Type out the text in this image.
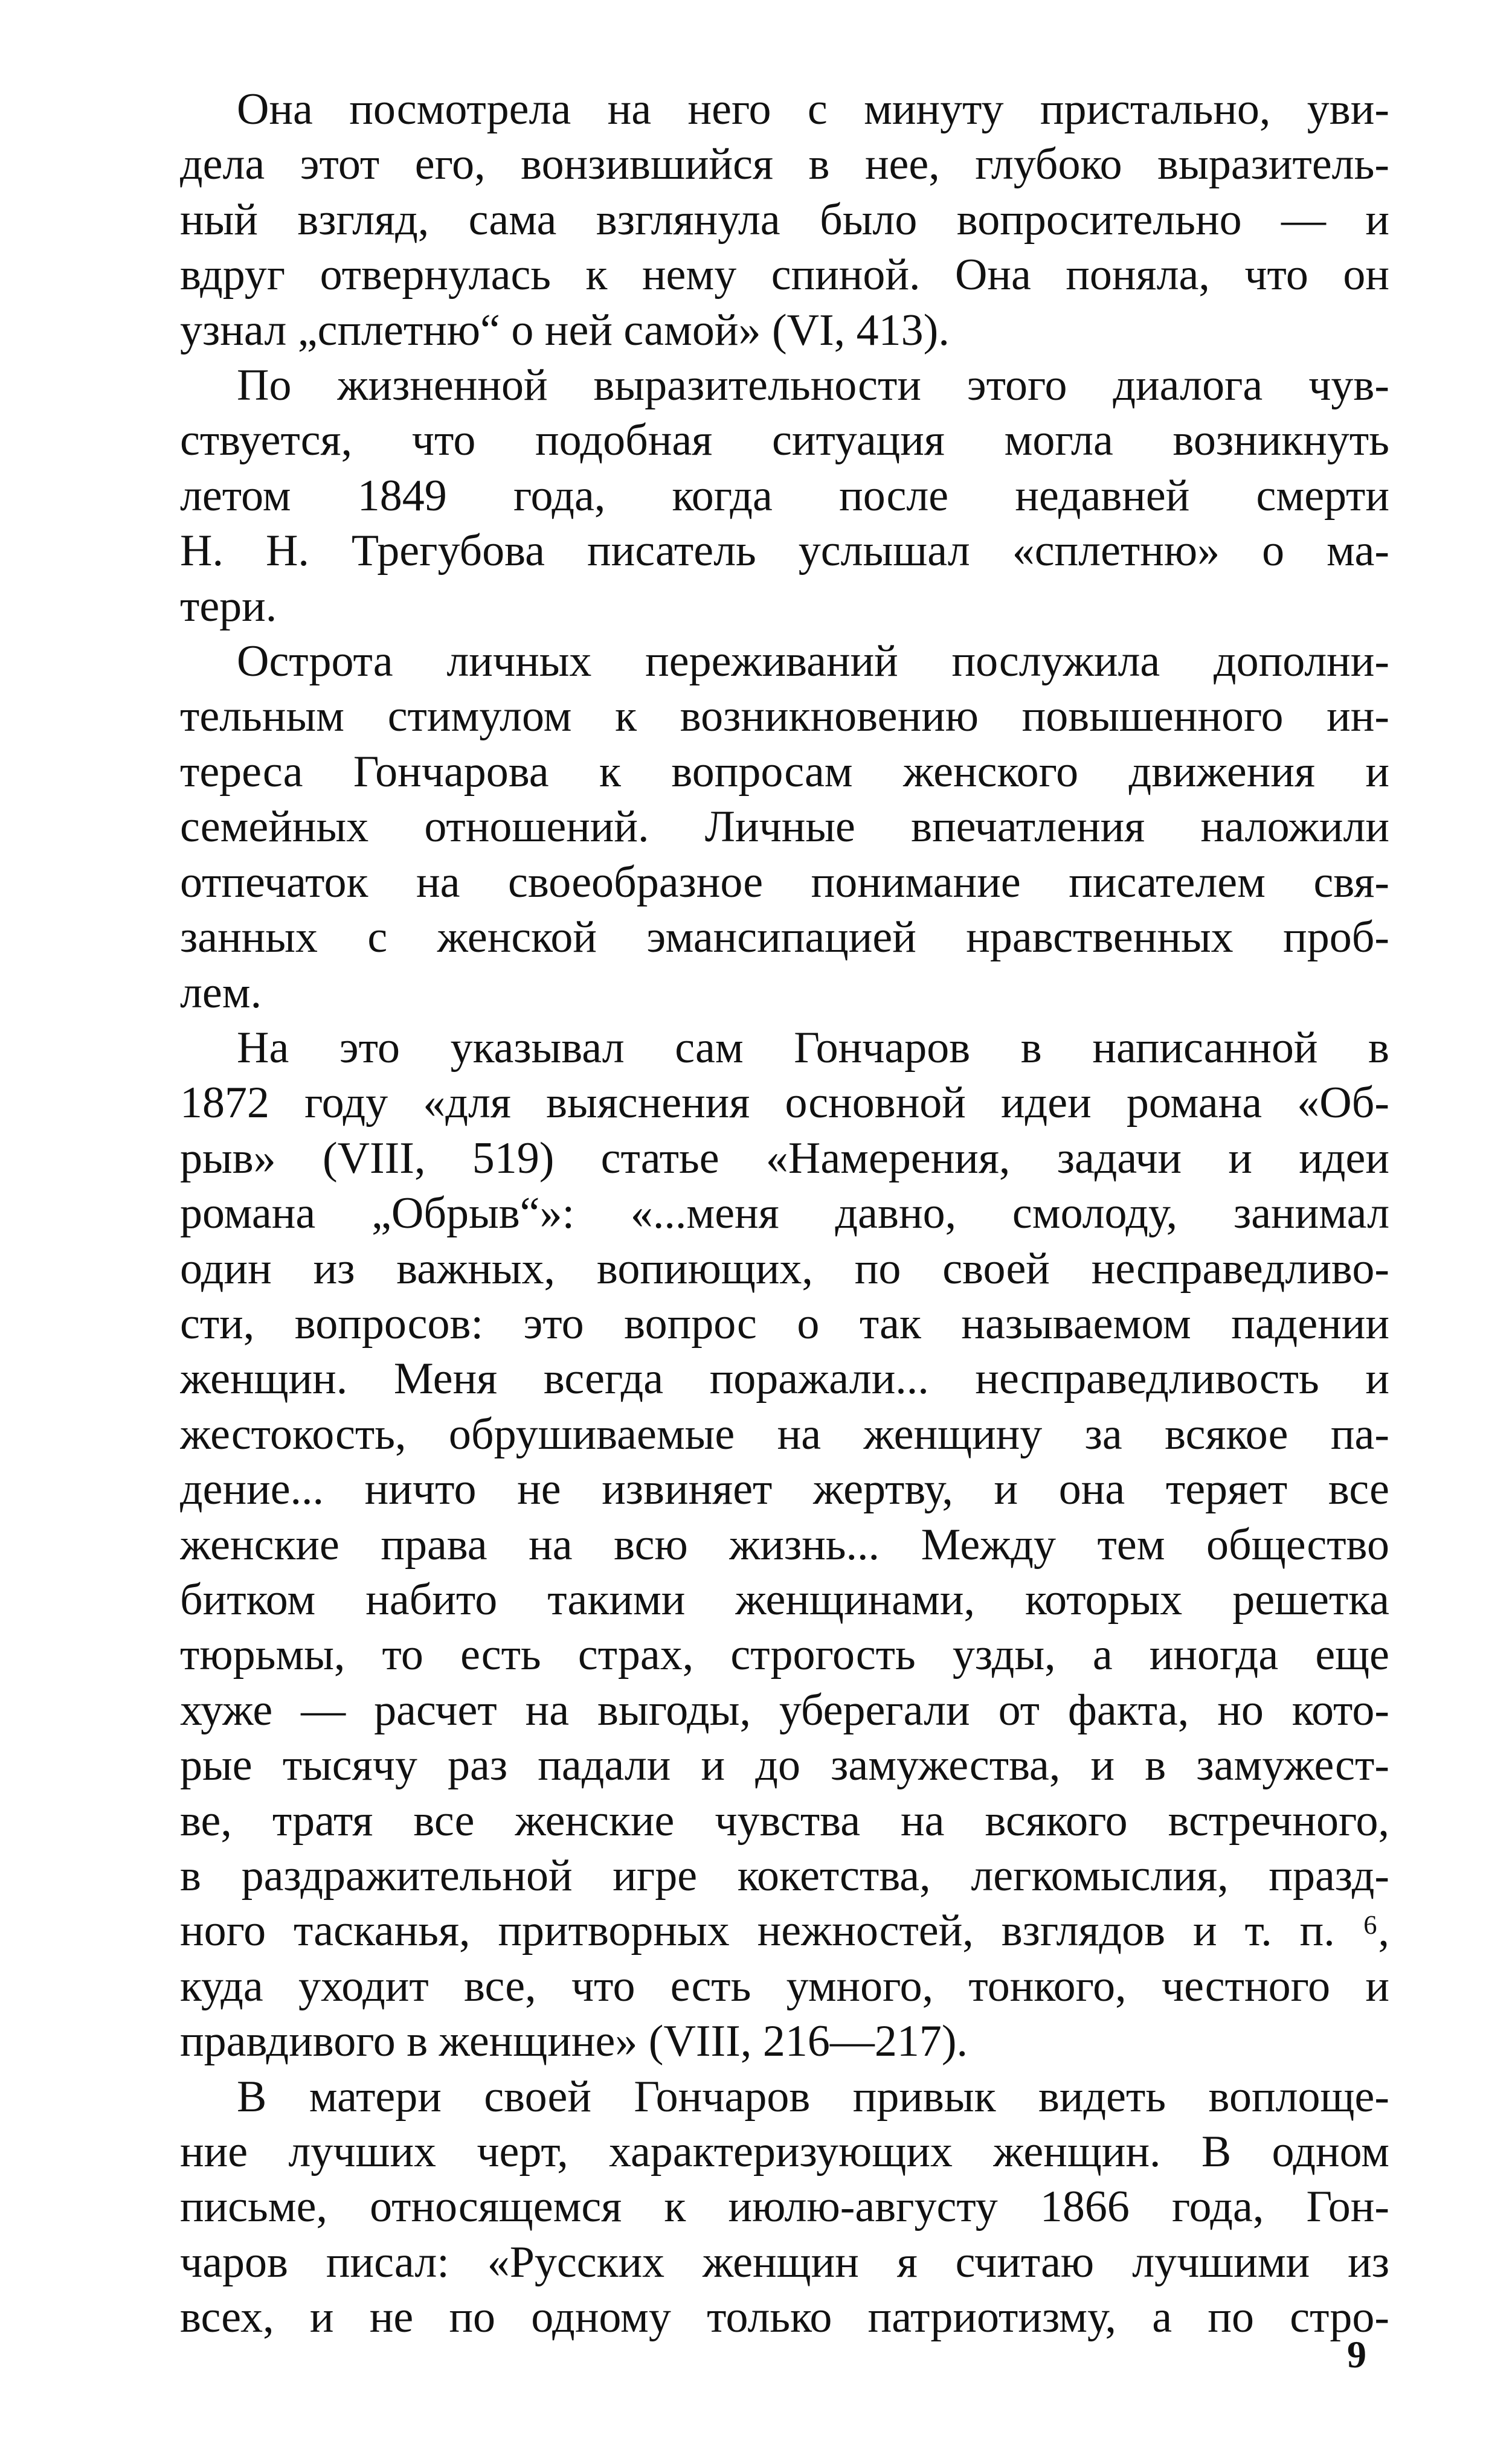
Она посмотрела на него с минуту пристально, уви-
дела этот его, вонзившийся в нее, глубоко выразитель-
ный взгляд, сама взглянула было вопросительно — и
вдруг отвернулась к нему спиной. Она поняла, что он
узнал „сплетню“ о ней самой» (VI, 413).
По жизненной выразительности этого диалога чув-
ствуется, что подобная ситуация могла возникнуть
летом 1849 года, когда после недавней смерти
Н. Н. Трегубова писатель услышал «сплетню» о ма-
тери.
Острота личных переживаний послужила дополни-
тельным стимулом к возникновению повышенного ин-
тереса Гончарова к вопросам женского движения и
семейных отношений. Личные впечатления наложили
отпечаток на своеобразное понимание писателем свя-
занных с женской эмансипацией нравственных проб-
лем.
На это указывал сам Гончаров в написанной в
1872 году «для выяснения основной идеи романа «Об-
рыв» (VIII, 519) статье «Намерения, задачи и идеи
романа „Обрыв“»: «...меня давно, смолоду, занимал
один из важных, вопиющих, по своей несправедливо-
сти, вопросов: это вопрос о так называемом падении
женщин. Меня всегда поражали... несправедливость и
жестокость, обрушиваемые на женщину за всякое па-
дение... ничто не извиняет жертву, и она теряет все
женские права на всю жизнь... Между тем общество
битком набито такими женщинами, которых решетка
тюрьмы, то есть страх, строгость узды, а иногда еще
хуже — расчет на выгоды, уберегали от факта, но кото-
рые тысячу раз падали и до замужества, и в замужест-
ве, тратя все женские чувства на всякого встречного,
в раздражительной игре кокетства, легкомыслия, празд-
ного тасканья, притворных нежностей, взглядов и т. п. ⁶,
куда уходит все, что есть умного, тонкого, честного и
правдивого в женщине» (VIII, 216—217).
В матери своей Гончаров привык видеть воплоще-
ние лучших черт, характеризующих женщин. В одном
письме, относящемся к июлю-августу 1866 года, Гон-
чаров писал: «Русских женщин я считаю лучшими из
всех, и не по одному только патриотизму, а по стро-
9
